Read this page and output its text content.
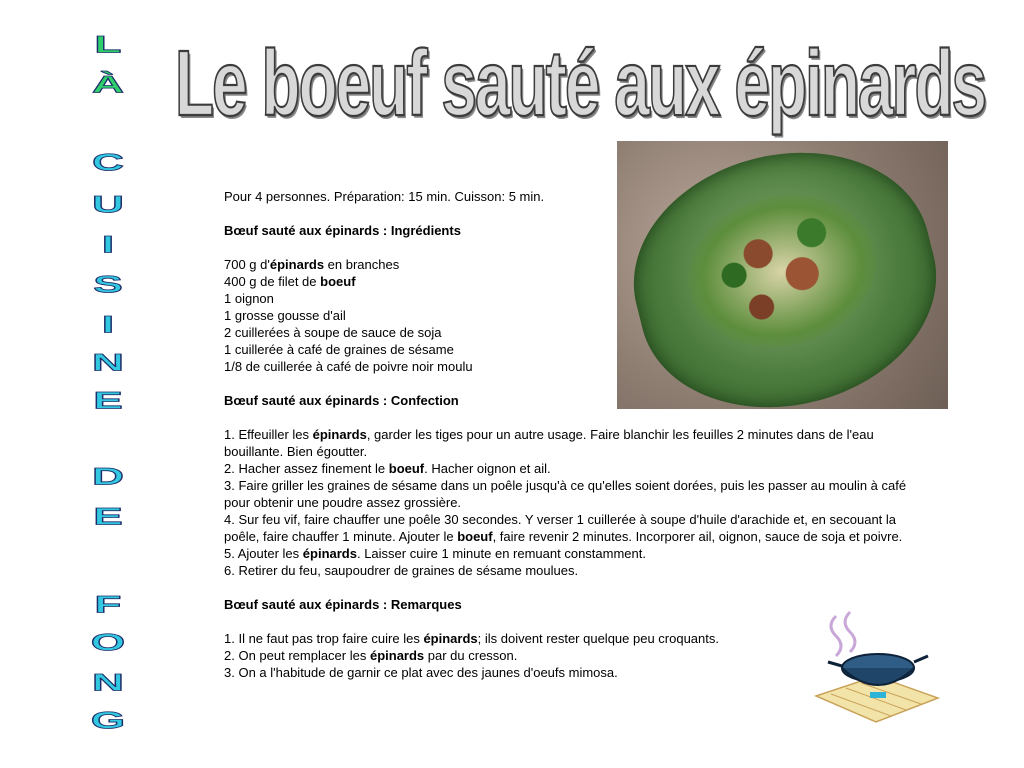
Le boeuf sauté aux épinards
L
À
C
U
I
S
I
N
E
D
E
F
O
N
G

Pour 4 personnes. Préparation: 15 min. Cuisson: 5 min.

Bœuf sauté aux épinards : Ingrédients

700 g d'épinards en branches

400 g de filet de boeuf

1 oignon

1 grosse gousse d'ail

2 cuillerées à soupe de sauce de soja

1 cuillerée à café de graines de sésame

1/8 de cuillerée à café de poivre noir moulu

Bœuf sauté aux épinards : Confection

1. Effeuiller les épinards, garder les tiges pour un autre usage. Faire blanchir les feuilles 2 minutes dans de l'eau bouillante. Bien égoutter.

2. Hacher assez finement le boeuf. Hacher oignon et ail.

3. Faire griller les graines de sésame dans un poêle jusqu'à ce qu'elles soient dorées, puis les passer au moulin à café pour obtenir une poudre assez grossière.

4. Sur feu vif, faire chauffer une poêle 30 secondes. Y verser 1 cuillerée à soupe d'huile d'arachide et, en secouant la poêle, faire chauffer 1 minute. Ajouter le boeuf, faire revenir 2 minutes. Incorporer ail, oignon, sauce de soja et poivre.

5. Ajouter les épinards. Laisser cuire 1 minute en remuant constamment.

6. Retirer du feu, saupoudrer de graines de sésame moulues.

Bœuf sauté aux épinards : Remarques

1. Il ne faut pas trop faire cuire les épinards; ils doivent rester quelque peu croquants.

2. On peut remplacer les épinards par du cresson.

3. On a l'habitude de garnir ce plat avec des jaunes d'oeufs mimosa.
